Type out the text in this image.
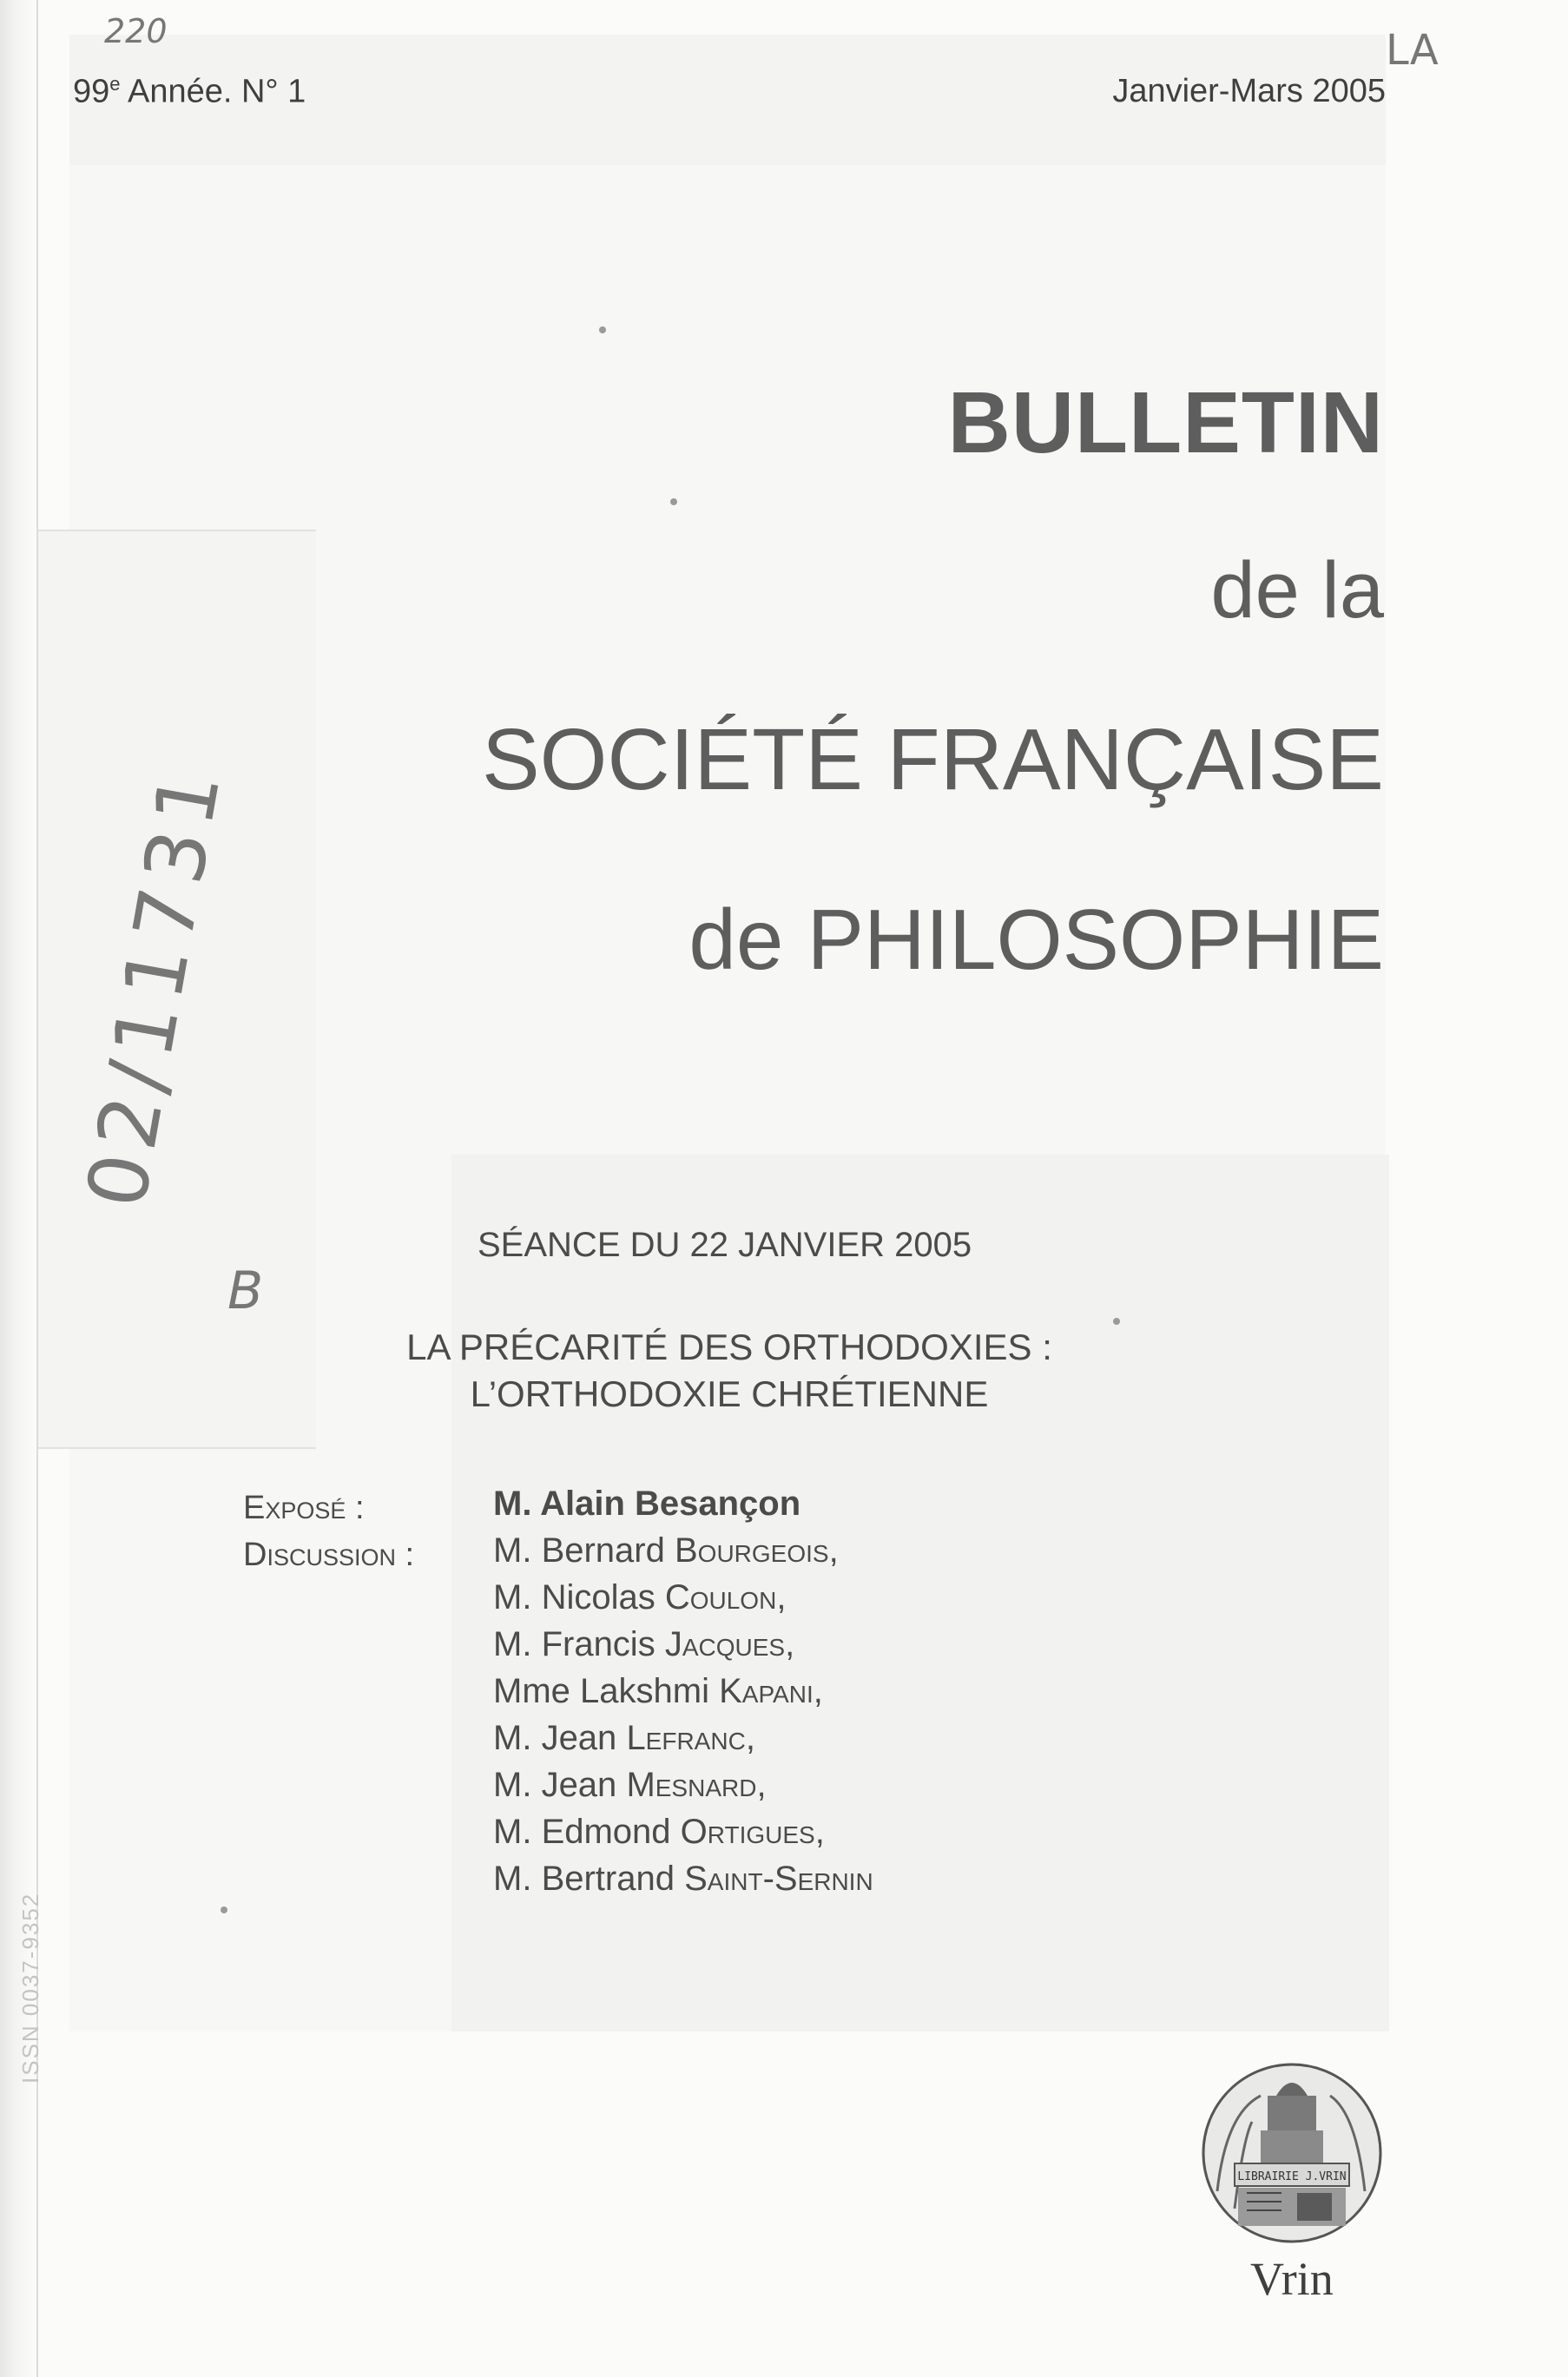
99e Année. N° 1	Janvier-Mars 2005
BULLETIN
de la
SOCIÉTÉ FRANÇAISE
de PHILOSOPHIE
SÉANCE DU 22 JANVIER 2005
LA PRÉCARITÉ DES ORTHODOXIES :
L’ORTHODOXIE CHRÉTIENNE
Exposé :
Discussion :
M. Alain Besançon
M. Bernard Bourgeois,
M. Nicolas Coulon,
M. Francis Jacques,
Mme Lakshmi Kapani,
M. Jean Lefranc,
M. Jean Mesnard,
M. Edmond Ortigues,
M. Bertrand Saint-Sernin
LIBRAIRIE J.VRIN
Vrin
220	LA
02/11731
B
ISSN 0037-9352
